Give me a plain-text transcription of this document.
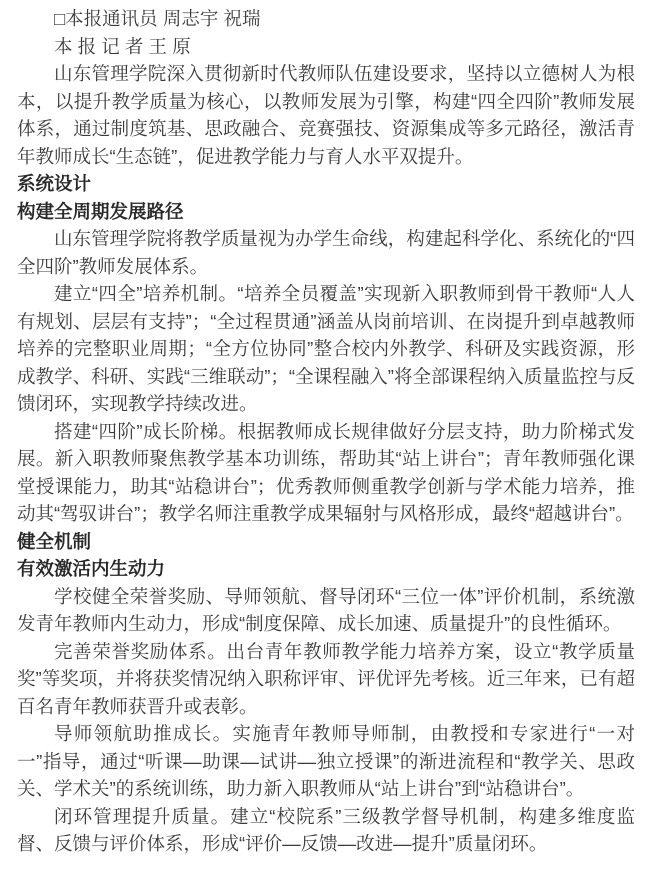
□本报通讯员 周志宇 祝瑞

本 报 记 者 王 原

山东管理学院深入贯彻新时代教师队伍建设要求，坚持以立德树人为根本，以提升教学质量为核心，以教师发展为引擎，构建“四全四阶”教师发展体系，通过制度筑基、思政融合、竞赛强技、资源集成等多元路径，激活青年教师成长“生态链”，促进教学能力与育人水平双提升。

系统设计

构建全周期发展路径

山东管理学院将教学质量视为办学生命线，构建起科学化、系统化的“四全四阶”教师发展体系。

建立“四全”培养机制。“培养全员覆盖”实现新入职教师到骨干教师“人人有规划、层层有支持”；“全过程贯通”涵盖从岗前培训、在岗提升到卓越教师培养的完整职业周期；“全方位协同”整合校内外教学、科研及实践资源，形成教学、科研、实践“三维联动”；“全课程融入”将全部课程纳入质量监控与反馈闭环，实现教学持续改进。

搭建“四阶”成长阶梯。根据教师成长规律做好分层支持，助力阶梯式发展。新入职教师聚焦教学基本功训练，帮助其“站上讲台”；青年教师强化课堂授课能力，助其“站稳讲台”；优秀教师侧重教学创新与学术能力培养，推动其“驾驭讲台”；教学名师注重教学成果辐射与风格形成，最终“超越讲台”。

健全机制

有效激活内生动力

学校健全荣誉奖励、导师领航、督导闭环“三位一体”评价机制，系统激发青年教师内生动力，形成“制度保障、成长加速、质量提升”的良性循环。

完善荣誉奖励体系。出台青年教师教学能力培养方案，设立“教学质量奖”等奖项，并将获奖情况纳入职称评审、评优评先考核。近三年来，已有超百名青年教师获晋升或表彰。

导师领航助推成长。实施青年教师导师制，由教授和专家进行“一对一”指导，通过“听课—助课—试讲—独立授课”的渐进流程和“教学关、思政关、学术关”的系统训练，助力新入职教师从“站上讲台”到“站稳讲台”。

闭环管理提升质量。建立“校院系”三级教学督导机制，构建多维度监督、反馈与评价体系，形成“评价—反馈—改进—提升”质量闭环。
